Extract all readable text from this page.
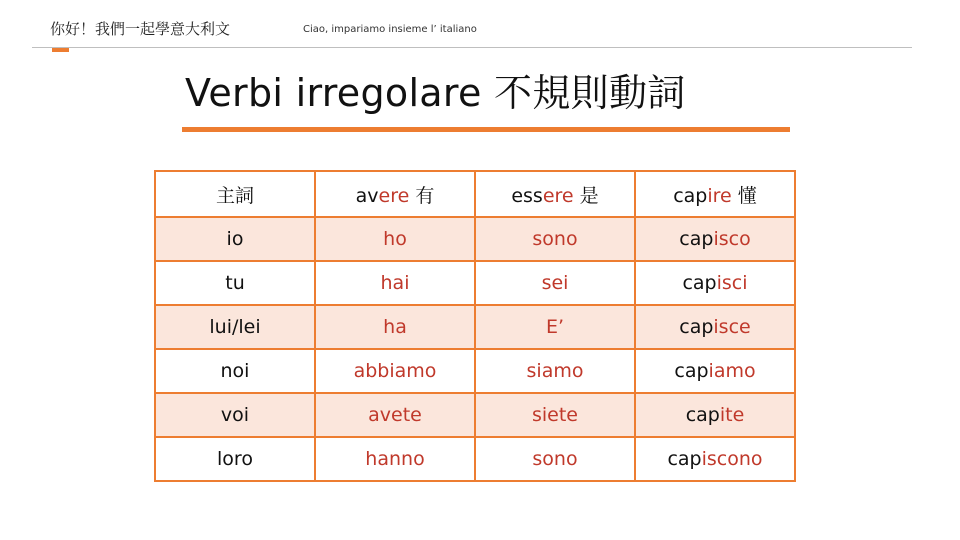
你好！我們一起學意大利文	Ciao, impariamo insieme l’ italiano
Verbi irregolare 不規則動詞
主詞	avere 有	essere 是	capire 懂
io	ho	sono	capisco
tu	hai	sei	capisci
lui/lei	ha	E’	capisce
noi	abbiamo	siamo	capiamo
voi	avete	siete	capite
loro	hanno	sono	capiscono
